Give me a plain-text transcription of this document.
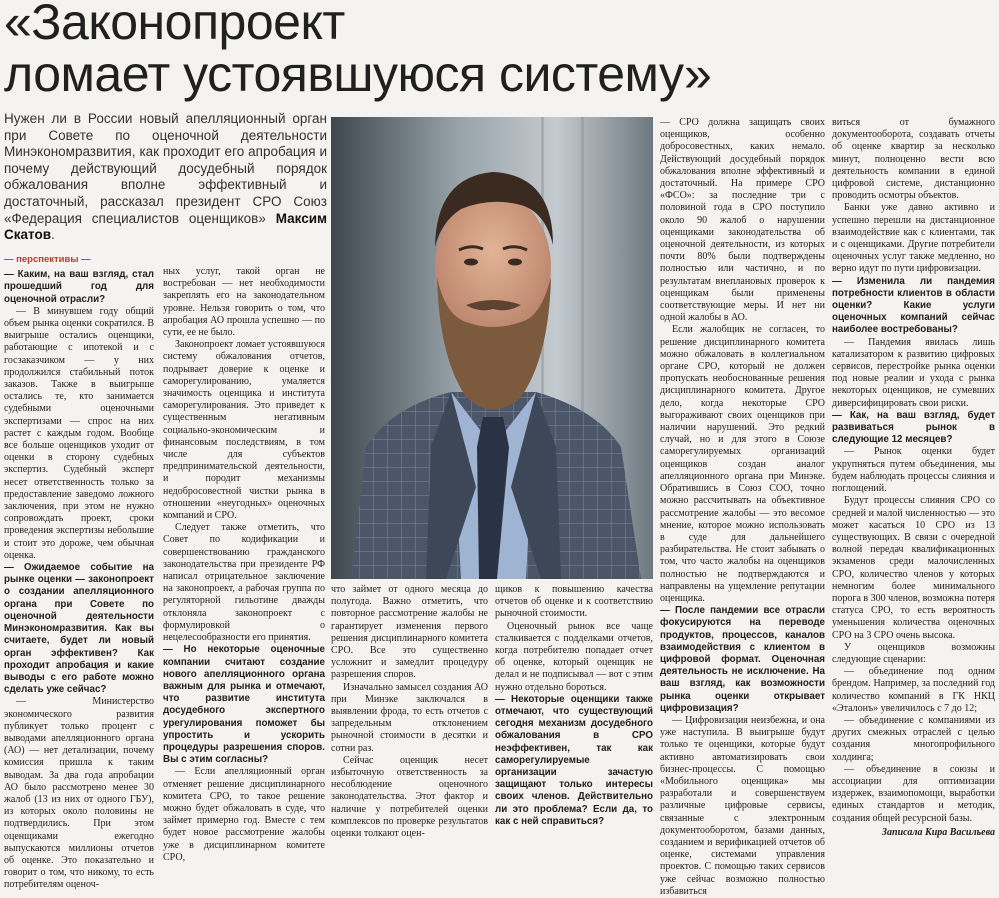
«Законопроект
ломает устоявшуюся систему»
Нужен ли в России новый апелляционный орган при Совете по оценочной деятельности Минэкономразвития, как проходит его апробация и почему действующий досудебный порядок обжалования вполне эффективный и достаточный, рассказал президент СРО Союз «Федерация специалистов оценщиков» Максим Скатов.

— перспективы —

— Каким, на ваш взгляд, стал прошедший год для оценочной отрасли?

— В минувшем году общий объем рынка оценки сократился. В выигрыше остались оценщики, работающие с ипотекой и с госзаказчиком — у них продолжился стабильный поток заказов. Также в выигрыше остались те, кто занимается судебными оценочными экспертизами — спрос на них растет с каждым годом. Вообще все больше оценщиков уходит от оценки в сторону судебных экспертиз. Судебный эксперт несет ответственность только за предоставление заведомо ложного заключения, при этом не нужно сопровождать проект, сроки проведения экспертизы небольшие и стоит это дороже, чем обычная оценка.

— Ожидаемое событие на рынке оценки — законопроект о создании апелляционного органа при Совете по оценочной деятельности Минэкономразвития. Как вы считаете, будет ли новый орган эффективен? Как проходит апробация и какие выводы с его работе можно сделать уже сейчас?

— Министерство экономического развития публикует только процент с выводами апелляционного органа (АО) — нет детализации, почему комиссия пришла к таким выводам. За два года апробации АО было рассмотрено менее 30 жалоб (13 из них от одного ГБУ), из которых около половины не подтвердились. При этом оценщиками ежегодно выпускаются миллионы отчетов об оценке. Это показательно и говорит о том, что никому, то есть потребителям оценоч-

ных услуг, такой орган не востребован — нет необходимости закреплять его на законодательном уровне. Нельзя говорить о том, что апробация АО прошла успешно — по сути, ее не было.

Законопроект ломает устоявшуюся систему обжалования отчетов, подрывает доверие к оценке и саморегулированию, умаляется значимость оценщика и института саморегулирования. Это приведет к существенным негативным социально-экономическим и финансовым последствиям, в том числе для субъектов предпринимательской деятельности, и породит механизмы недобросовестной чистки рынка в отношении «неугодных» оценочных компаний и СРО.

Следует также отметить, что Совет по кодификации и совершенствованию гражданского законодательства при президенте РФ написал отрицательное заключение на законопроект, а рабочая группа по регуляторной гильотине дважды отклоняла законопроект с формулировкой о нецелесообразности его принятия.

— Но некоторые оценочные компании считают создание нового апелляционного органа важным для рынка и отмечают, что развитие института досудебного экспертного урегулирования поможет бы упростить и ускорить процедуры разрешения споров. Вы с этим согласны?

— Если апелляционный орган отменяет решение дисциплинарного комитета СРО, то такое решение можно будет обжаловать в суде, что займет примерно год. Вместе с тем будет новое рассмотрение жалобы уже в дисциплинарном комитете СРО,

что займет от одного месяца до полугода. Важно отметить, что повторное рассмотрение жалобы не гарантирует изменения первого решения дисциплинарного комитета СРО. Все это существенно усложнит и замедлит процедуру разрешения споров.

Изначально замысел создания АО при Минэке заключался в выявлении фрода, то есть отчетов с запредельным отклонением рыночной стоимости в десятки и сотни раз.

Сейчас оценщик несет избыточную ответственность за несоблюдение оценочного законодательства. Этот фактор и наличие у потребителей оценки комплексов по проверке результатов оценки толкают оцен-

щиков к повышению качества отчетов об оценке и к соответствию рыночной стоимости.

Оценочный рынок все чаще сталкивается с подделками отчетов, когда потребителю попадает отчет об оценке, который оценщик не делал и не подписывал — вот с этим нужно отдельно бороться.

— Некоторые оценщики также отмечают, что существующий сегодня механизм досудебного обжалования в СРО неэффективен, так как саморегулируемые организации зачастую защищают только интересы своих членов. Действительно ли это проблема? Если да, то как с ней справиться?

— СРО должна защищать своих оценщиков, особенно добросовестных, каких немало. Действующий досудебный порядок обжалования вполне эффективный и достаточный. На примере СРО «ФСО»: за последние три с половиной года в СРО поступило около 90 жалоб о нарушении оценщиками законодательства об оценочной деятельности, из которых почти 80% были подтверждены полностью или частично, и по результатам внеплановых проверок к оценщикам были применены соответствующие меры. И нет ни одной жалобы в АО.

Если жалобщик не согласен, то решение дисциплинарного комитета можно обжаловать в коллегиальном органе СРО, который не должен пропускать необоснованные решения дисциплинарного комитета. Другое дело, когда некоторые СРО выгораживают своих оценщиков при наличии нарушений. Это редкий случай, но и для этого в Союзе саморегулируемых организаций оценщиков создан аналог апелляционного органа при Минэке. Обратившись в Союз СОО, точно можно рассчитывать на объективное рассмотрение жалобы — это весомое мнение, которое можно использовать в суде для дальнейшего разбирательства. Не стоит забывать о том, что часто жалобы на оценщиков полностью не подтверждаются и направлены на ущемление репутации оценщика.

— После пандемии все отрасли фокусируются на переводе продуктов, процессов, каналов взаимодействия с клиентом в цифровой формат. Оценочная деятельность не исключение. На ваш взгляд, как возможности рынка оценки открывает цифровизация?

— Цифровизация неизбежна, и она уже наступила. В выигрыше будут только те оценщики, которые будут активно автоматизировать свои бизнес-процессы. С помощью «Мобильного оценщика» мы разработали и совершенствуем различные цифровые сервисы, связанные с электронным документооборотом, базами данных, созданием и верификацией отчетов об оценке, системами управления проектов. С помощью таких сервисов уже сейчас возможно полностью избавиться

виться от бумажного документооборота, создавать отчеты об оценке квартир за несколько минут, полноценно вести всю деятельность компании в единой цифровой системе, дистанционно проводить осмотры объектов.

Банки уже давно активно и успешно перешли на дистанционное взаимодействие как с клиентами, так и с оценщиками. Другие потребители оценочных услуг также медленно, но верно идут по пути цифровизации.

— Изменила ли пандемия потребности клиентов в области оценки? Какие услуги оценочных компаний сейчас наиболее востребованы?

— Пандемия явилась лишь катализатором к развитию цифровых сервисов, перестройке рынка оценки под новые реалии и ухода с рынка некоторых оценщиков, не сумевших диверсифицировать свои риски.

— Как, на ваш взгляд, будет развиваться рынок в следующие 12 месяцев?

— Рынок оценки будет укрупняться путем объединения, мы будем наблюдать процессы слияния и поглощений.

Будут процессы слияния СРО со средней и малой численностью — это может касаться 10 СРО из 13 существующих. В связи с очередной волной передач квалификационных экзаменов среди малочисленных СРО, количество членов у которых немногим более минимального порога в 300 членов, возможна потеря статуса СРО, то есть вероятность уменьшения количества оценочных СРО на 3 СРО очень высока.

У оценщиков возможны следующие сценарии:

— объединение под одним брендом. Например, за последний год количество компаний в ГК НКЦ «Эталонъ» увеличилось с 7 до 12;

— объединение с компаниями из других смежных отраслей с целью создания многопрофильного холдинга;

— объединение в союзы и ассоциации для оптимизации издержек, взаимопомощи, выработки единых стандартов и методик, создания общей ресурсной базы.

Записала Кира Васильева
